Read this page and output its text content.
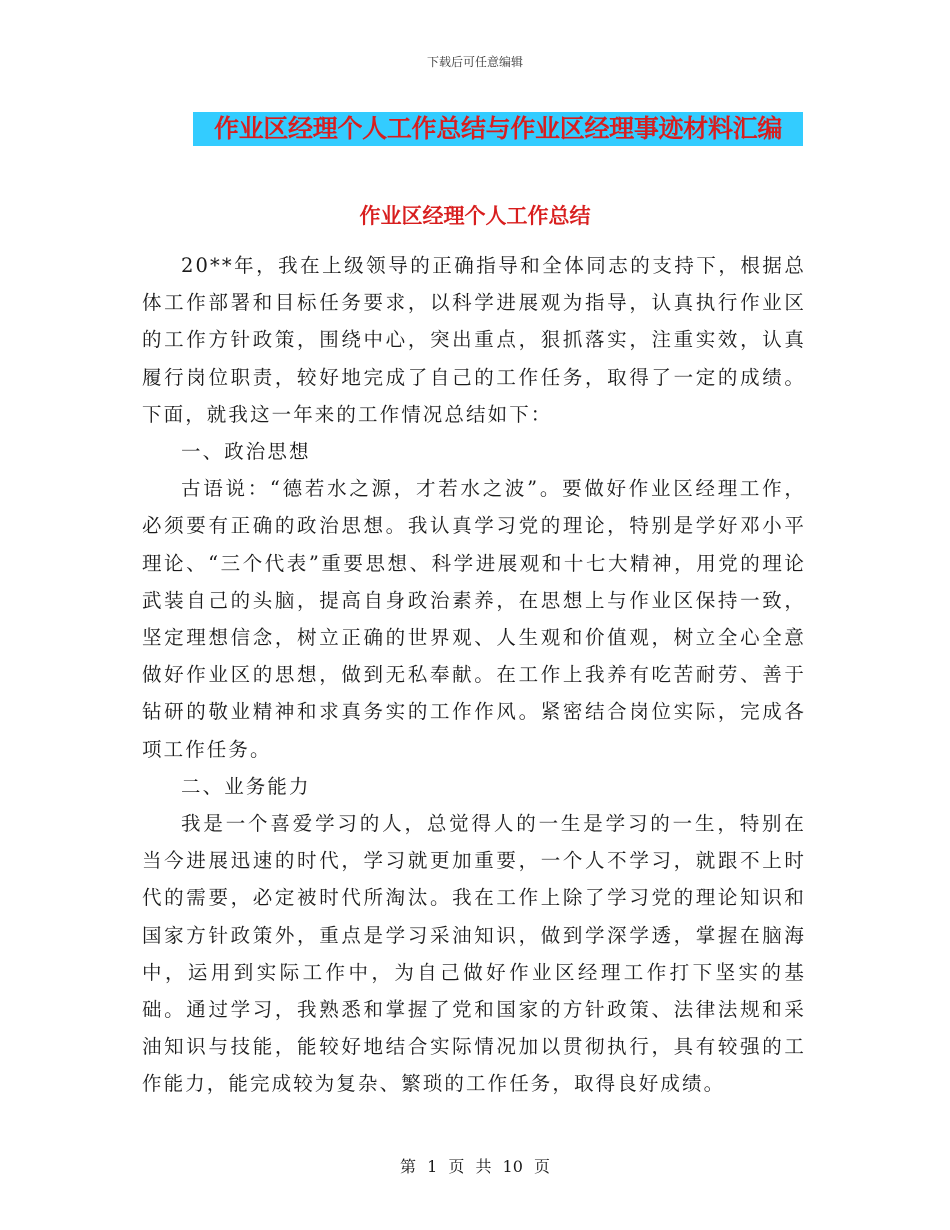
下载后可任意编辑
作业区经理个人工作总结与作业区经理事迹材料汇编
作业区经理个人工作总结

20**年，我在上级领导的正确指导和全体同志的支持下，根据总体工作部署和目标任务要求，以科学进展观为指导，认真执行作业区的工作方针政策，围绕中心，突出重点，狠抓落实，注重实效，认真履行岗位职责，较好地完成了自己的工作任务，取得了一定的成绩。下面，就我这一年来的工作情况总结如下：

一、政治思想

古语说：“德若水之源，才若水之波”。要做好作业区经理工作，必须要有正确的政治思想。我认真学习党的理论，特别是学好邓小平理论、“三个代表”重要思想、科学进展观和十七大精神，用党的理论武装自己的头脑，提高自身政治素养，在思想上与作业区保持一致，坚定理想信念，树立正确的世界观、人生观和价值观，树立全心全意做好作业区的思想，做到无私奉献。在工作上我养有吃苦耐劳、善于钻研的敬业精神和求真务实的工作作风。紧密结合岗位实际，完成各项工作任务。

二、业务能力

我是一个喜爱学习的人，总觉得人的一生是学习的一生，特别在当今进展迅速的时代，学习就更加重要，一个人不学习，就跟不上时代的需要，必定被时代所淘汰。我在工作上除了学习党的理论知识和国家方针政策外，重点是学习采油知识，做到学深学透，掌握在脑海中，运用到实际工作中，为自己做好作业区经理工作打下坚实的基础。通过学习，我熟悉和掌握了党和国家的方针政策、法律法规和采油知识与技能，能较好地结合实际情况加以贯彻执行，具有较强的工作能力，能完成较为复杂、繁琐的工作任务，取得良好成绩。

第 1 页 共 10 页
